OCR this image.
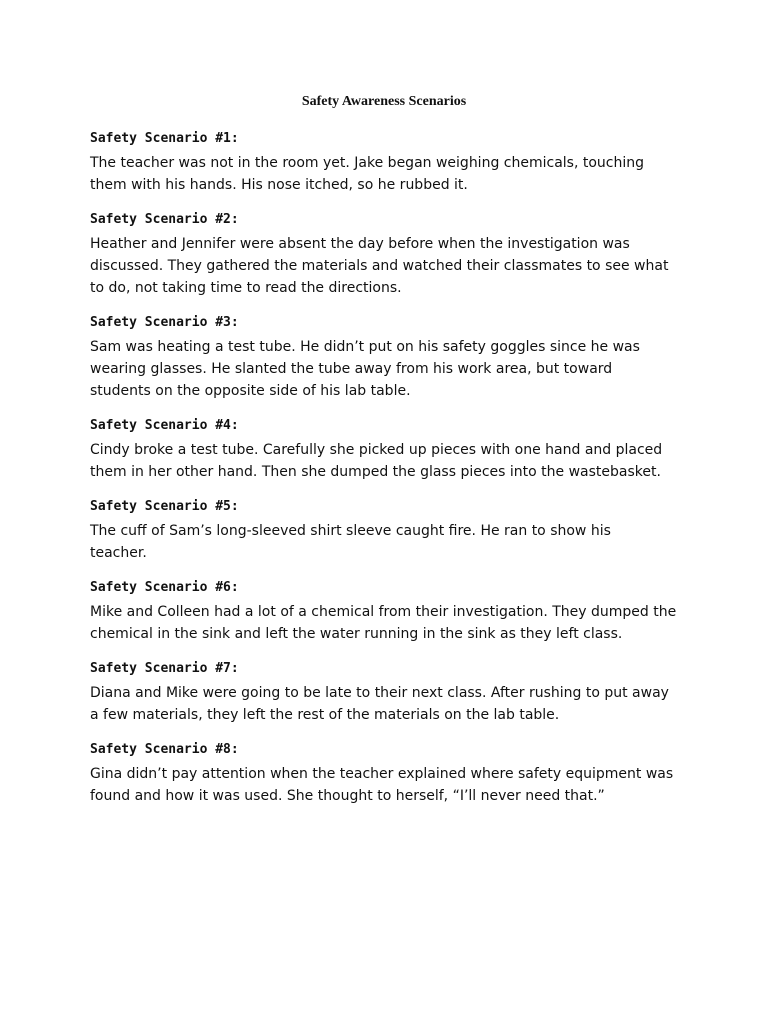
Safety Awareness Scenarios

Safety Scenario #1:

The teacher was not in the room yet. Jake began weighing chemicals, touching
them with his hands. His nose itched, so he rubbed it.

Safety Scenario #2:

Heather and Jennifer were absent the day before when the investigation was
discussed. They gathered the materials and watched their classmates to see what
to do, not taking time to read the directions.

Safety Scenario #3:

Sam was heating a test tube. He didn’t put on his safety goggles since he was
wearing glasses. He slanted the tube away from his work area, but toward
students on the opposite side of his lab table.

Safety Scenario #4:

Cindy broke a test tube. Carefully she picked up pieces with one hand and placed
them in her other hand. Then she dumped the glass pieces into the wastebasket.

Safety Scenario #5:

The cuff of Sam’s long-sleeved shirt sleeve caught fire. He ran to show his
teacher.

Safety Scenario #6:

Mike and Colleen had a lot of a chemical from their investigation. They dumped the
chemical in the sink and left the water running in the sink as they left class.

Safety Scenario #7:

Diana and Mike were going to be late to their next class. After rushing to put away
a few materials, they left the rest of the materials on the lab table.

Safety Scenario #8:

Gina didn’t pay attention when the teacher explained where safety equipment was
found and how it was used. She thought to herself, “I’ll never need that.”
